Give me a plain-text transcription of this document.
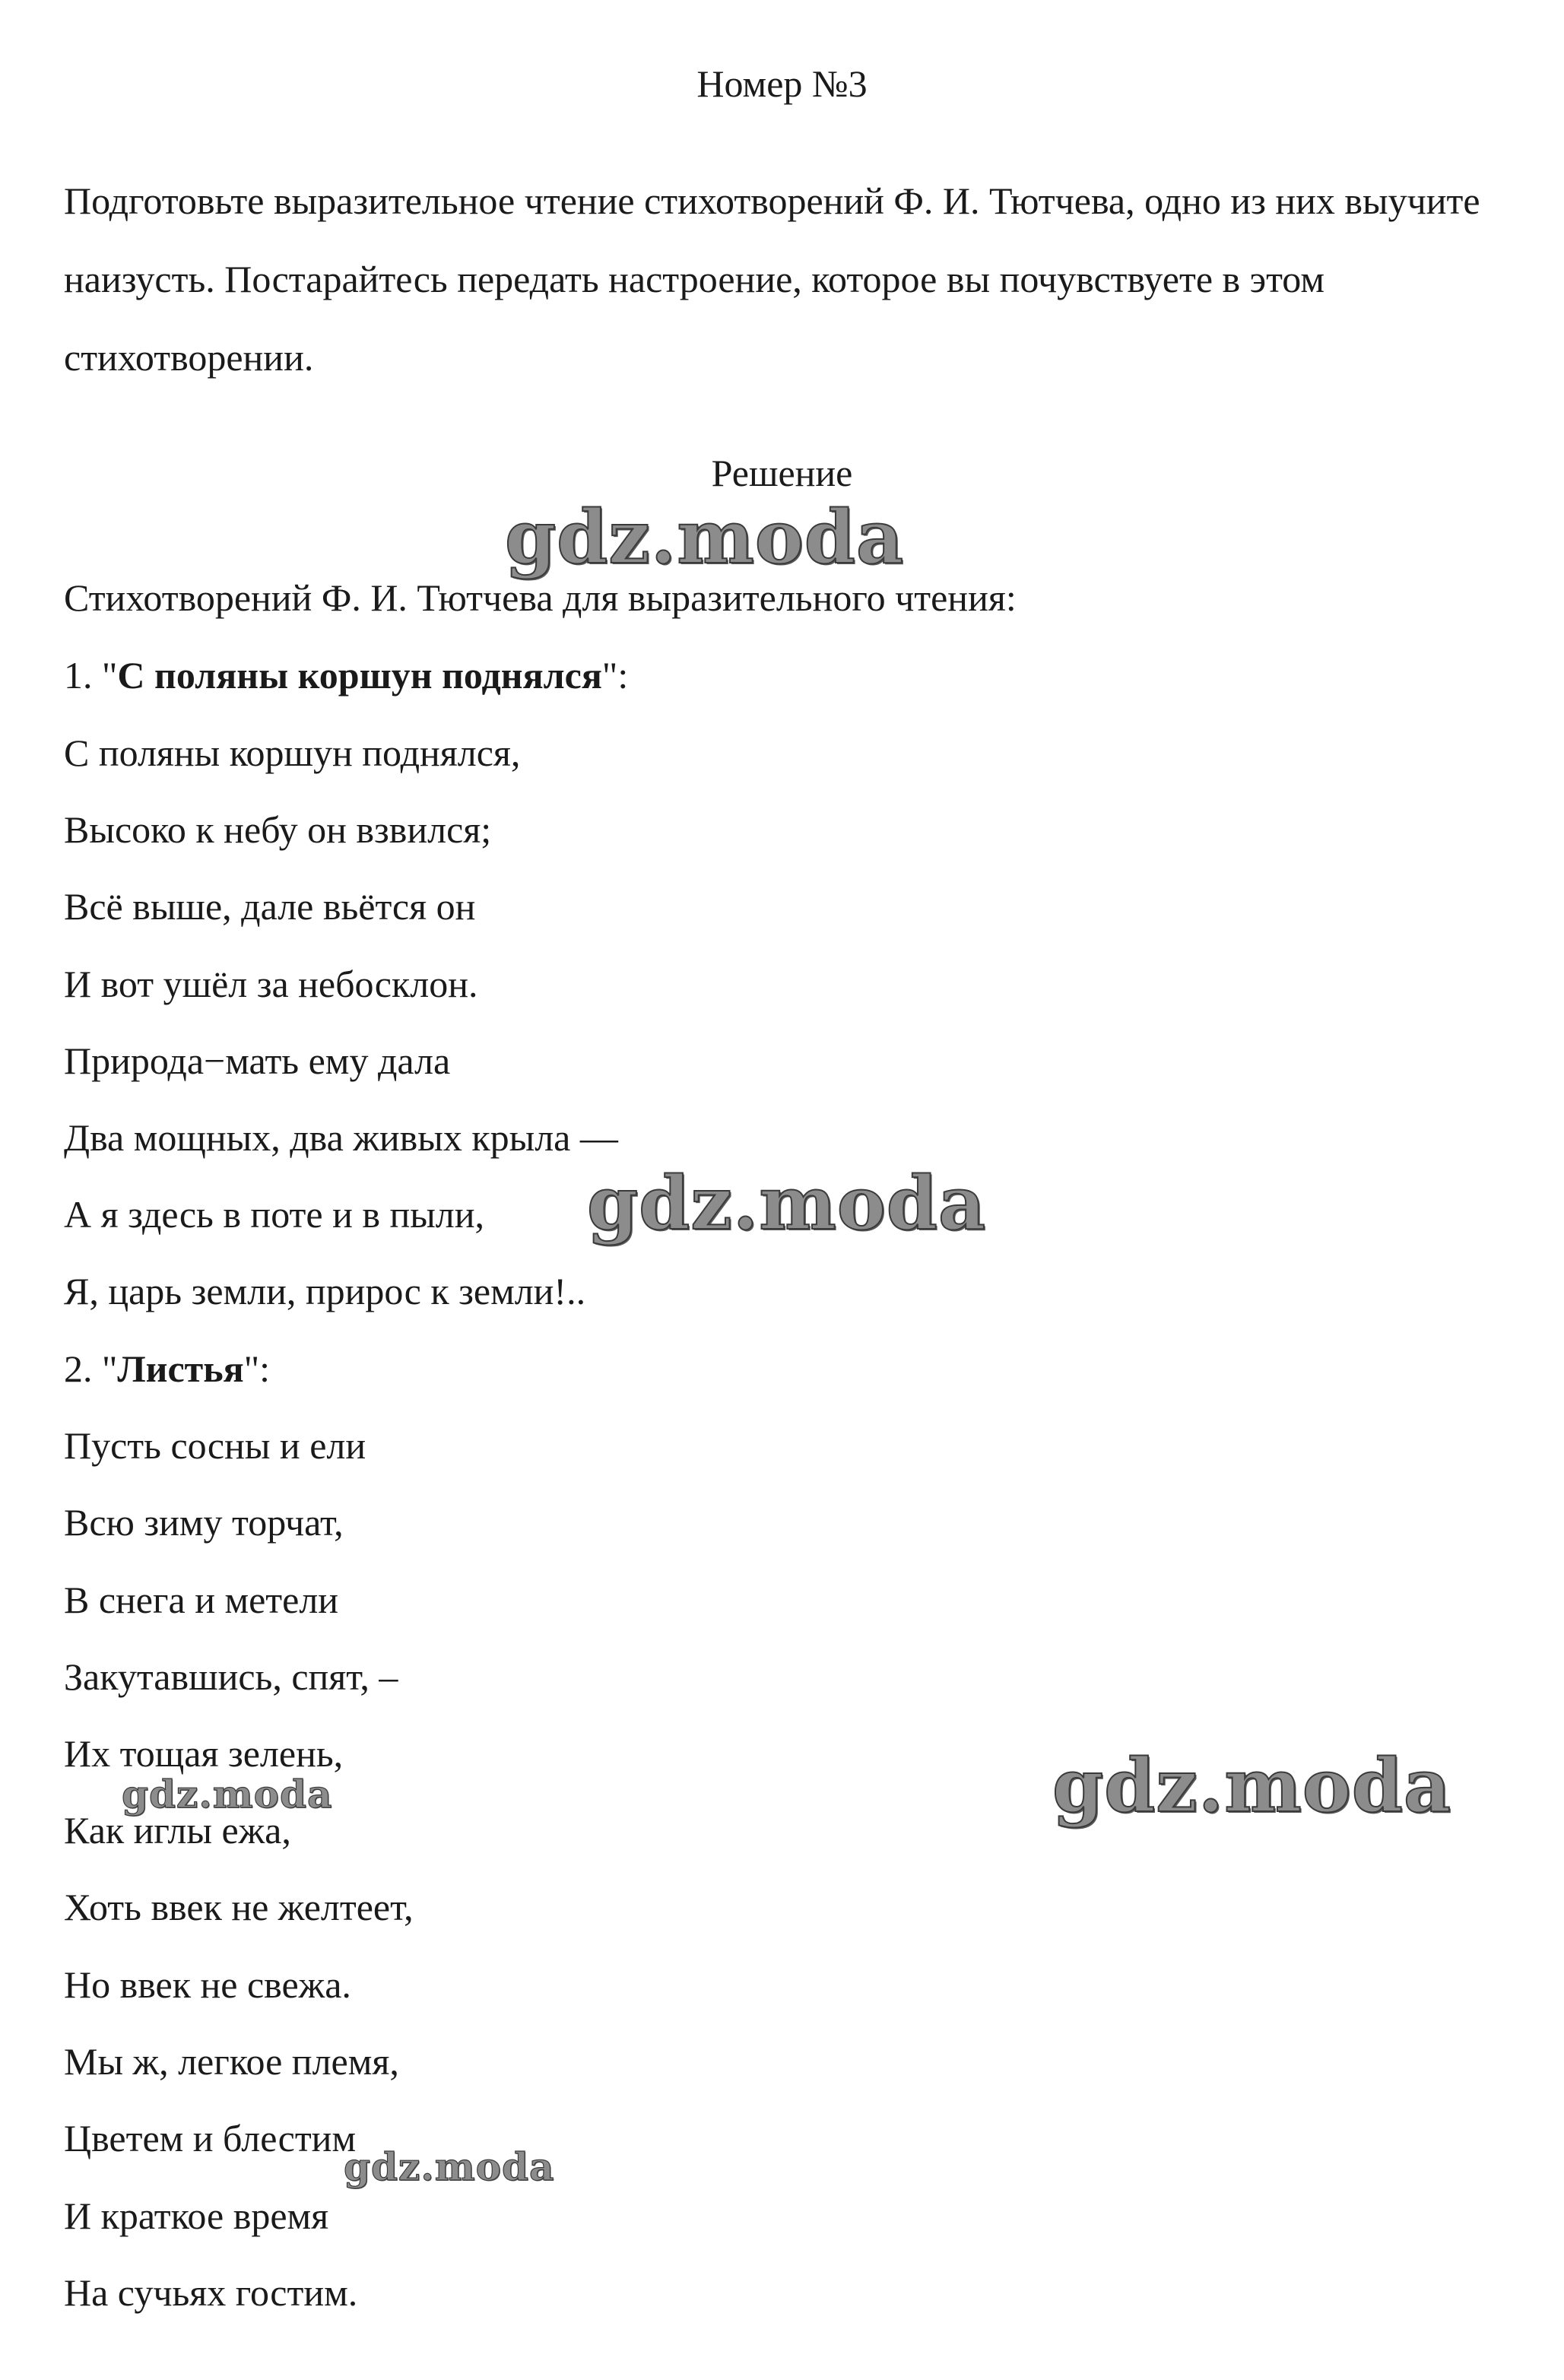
Номер №3

Подготовьте выразительное чтение стихотворений Ф. И. Тютчева, одно из них выучите наизусть. Постарайтесь передать настроение, которое вы почувствуете в этом стихотворении.

Решение
Стихотворений Ф. И. Тютчева для выразительного чтения:
1. "С поляны коршун поднялся":
С поляны коршун поднялся,
Высоко к небу он взвился;
Всё выше, дале вьётся он
И вот ушёл за небосклон.
Природа−мать ему дала
Два мощных, два живых крыла —
А я здесь в поте и в пыли,
Я, царь земли, прирос к земли!..
2. "Листья":
Пусть сосны и ели
Всю зиму торчат,
В снега и метели
Закутавшись, спят, –
Их тощая зелень,
Как иглы ежа,
Хоть ввек не желтеет,
Но ввек не свежа.
Мы ж, легкое племя,
Цветем и блестим
И краткое время
На сучьях гостим.
gdz.moda
gdz.moda
gdz.moda
gdz.moda
gdz.moda
